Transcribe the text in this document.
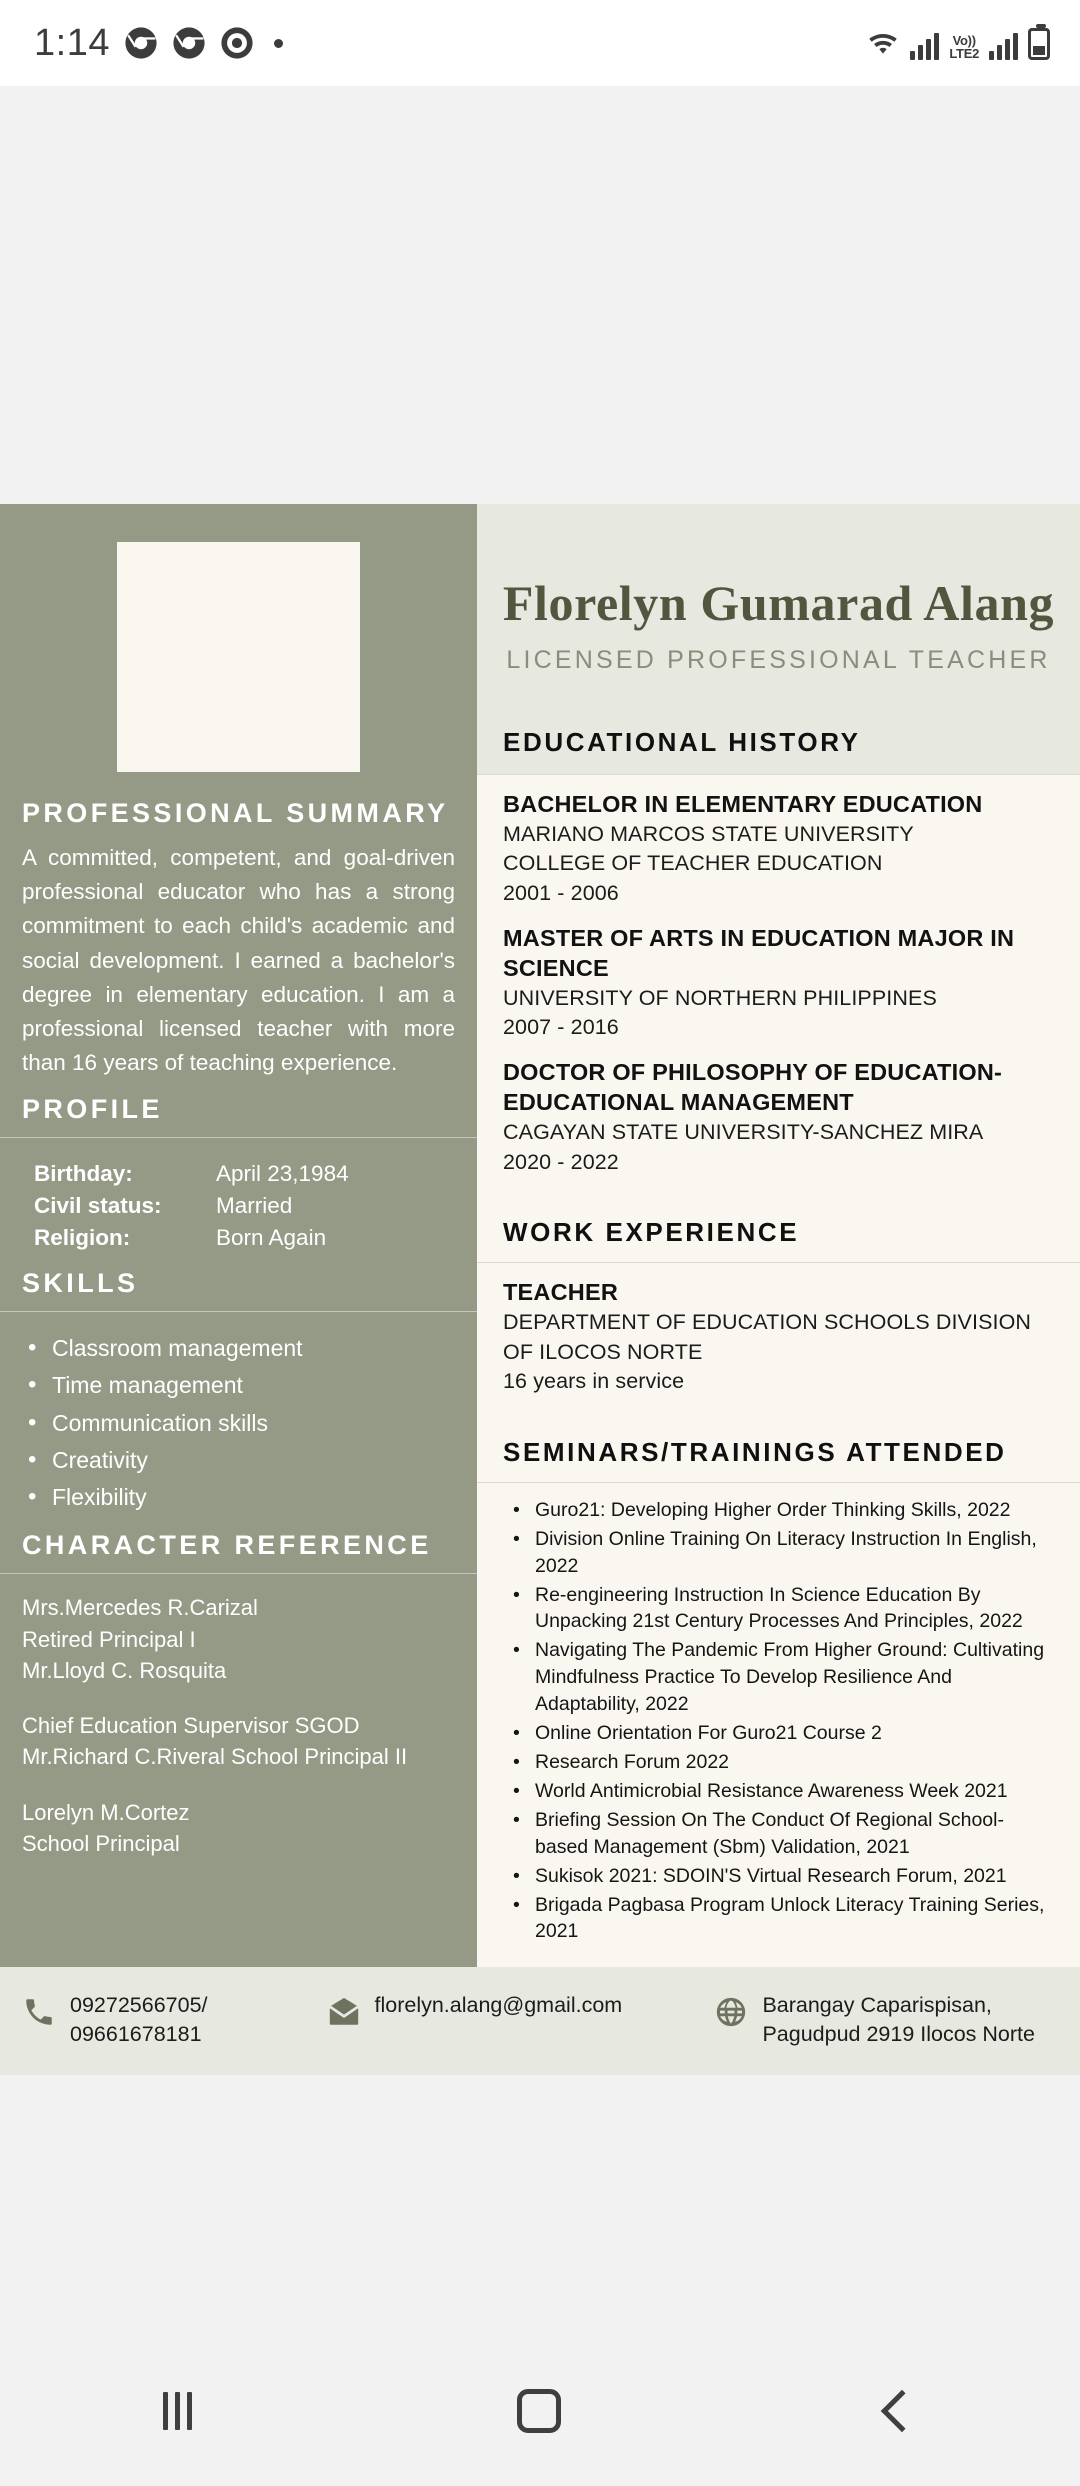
1:14	Vo))
LTE2
PROFESSIONAL SUMMARY
A committed, competent, and goal-driven professional educator who has a strong commitment to each child's academic and social development. I earned a bachelor's degree in elementary education. I am a professional licensed teacher with more than 16 years of teaching experience.
PROFILE
Birthday:	April 23,1984
Civil status:	Married
Religion:	Born Again
SKILLS
• Classroom management
• Time management
• Communication skills
• Creativity
• Flexibility
CHARACTER REFERENCE

Mrs.Mercedes R.Carizal

Retired Principal I

Mr.Lloyd C. Rosquita

Chief Education Supervisor SGOD

Mr.Richard C.Riveral School Principal II

Lorelyn M.Cortez

School Principal

Florelyn Gumarad Alang
LICENSED PROFESSIONAL TEACHER
EDUCATIONAL HISTORY
BACHELOR IN ELEMENTARY EDUCATION
MARIANO MARCOS STATE UNIVERSITY
COLLEGE OF TEACHER EDUCATION
2001 - 2006
MASTER OF ARTS IN EDUCATION MAJOR IN SCIENCE
UNIVERSITY OF NORTHERN PHILIPPINES
2007 - 2016
DOCTOR OF PHILOSOPHY OF EDUCATION-EDUCATIONAL MANAGEMENT
CAGAYAN STATE UNIVERSITY-SANCHEZ MIRA
2020 - 2022
WORK EXPERIENCE
TEACHER
DEPARTMENT OF EDUCATION SCHOOLS DIVISION OF ILOCOS NORTE
16 years in service
SEMINARS/TRAININGS ATTENDED
• Guro21: Developing Higher Order Thinking Skills, 2022
• Division Online Training On Literacy Instruction In English, 2022
• Re-engineering Instruction In Science Education By Unpacking 21st Century Processes And Principles, 2022
• Navigating The Pandemic From Higher Ground: Cultivating Mindfulness Practice To Develop Resilience And Adaptability, 2022
• Online Orientation For Guro21 Course 2
• Research Forum 2022
• World Antimicrobial Resistance Awareness Week 2021
• Briefing Session On The Conduct Of Regional School-based Management (Sbm) Validation, 2021
• Sukisok 2021: SDOIN'S Virtual Research Forum, 2021
• Brigada Pagbasa Program Unlock Literacy Training Series, 2021
09272566705/ 09661678181
florelyn.alang@gmail.com	Barangay Caparispisan, Pagudpud 2919 Ilocos Norte
